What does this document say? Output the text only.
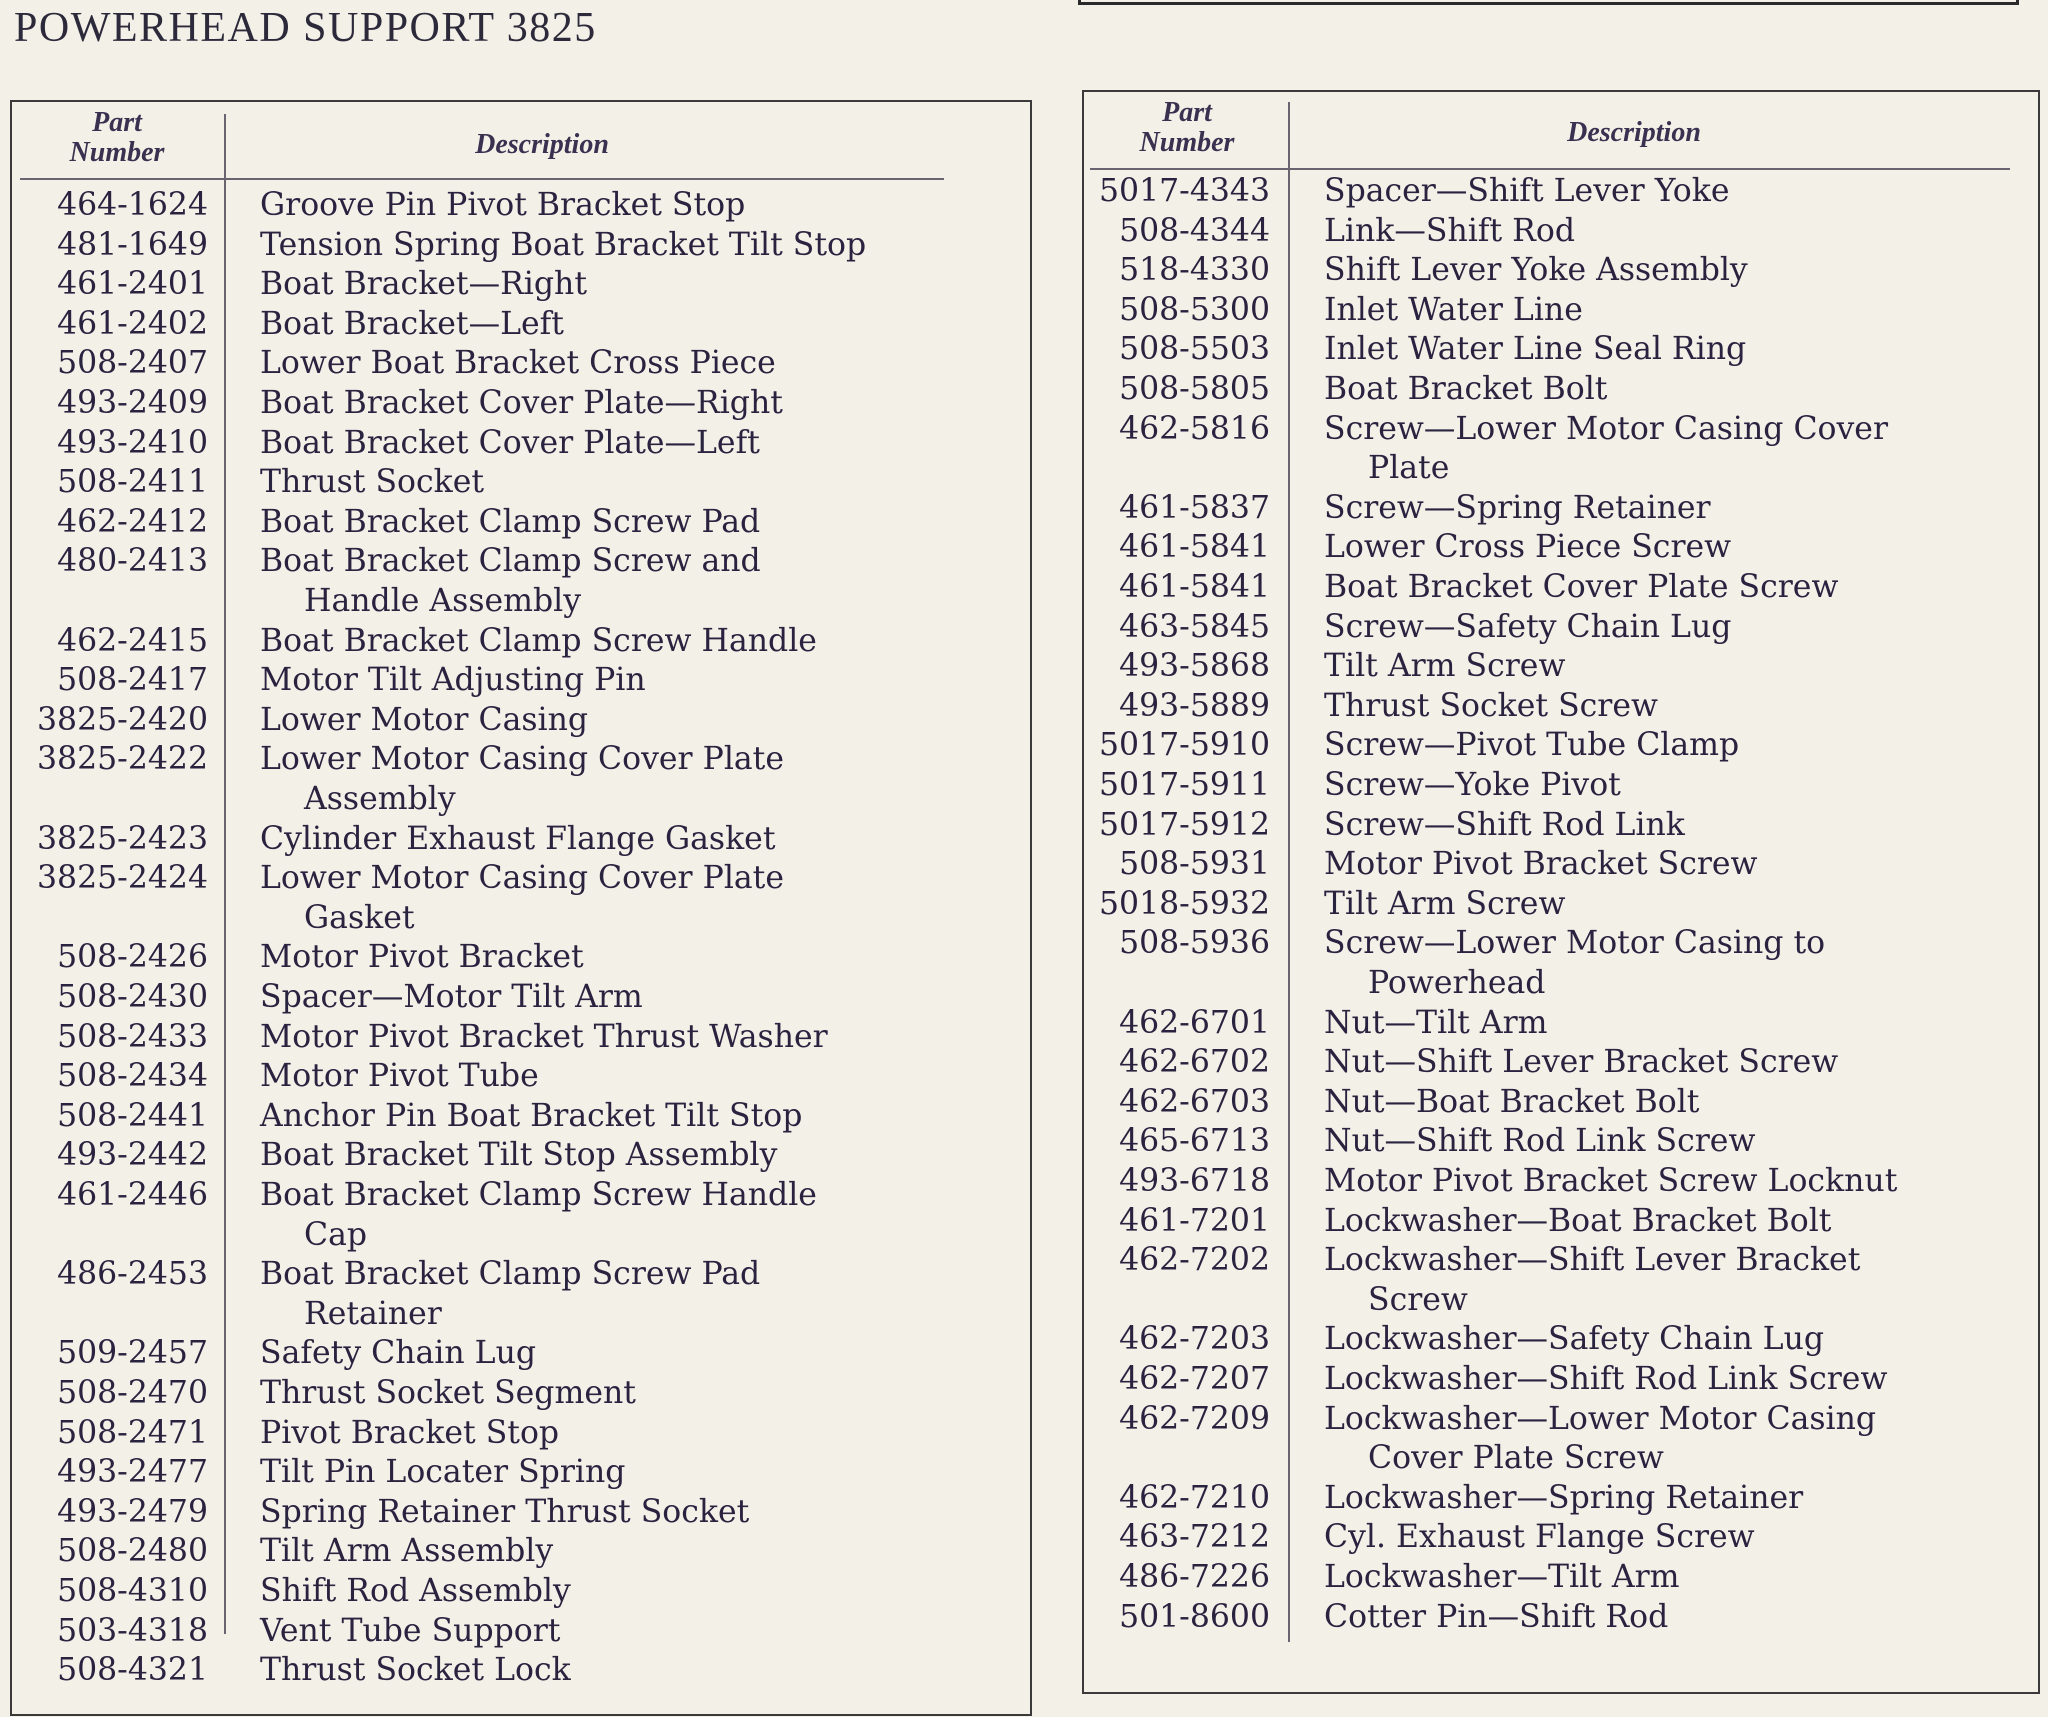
POWERHEAD SUPPORT 3825
Part
Number	Description
464-1624 Groove Pin Pivot Bracket Stop
481-1649 Tension Spring Boat Bracket Tilt Stop
461-2401 Boat Bracket—Right
461-2402 Boat Bracket—Left
508-2407 Lower Boat Bracket Cross Piece
493-2409 Boat Bracket Cover Plate—Right
493-2410 Boat Bracket Cover Plate—Left
508-2411 Thrust Socket
462-2412 Boat Bracket Clamp Screw Pad
480-2413 Boat Bracket Clamp Screw and
Handle Assembly
462-2415 Boat Bracket Clamp Screw Handle
508-2417 Motor Tilt Adjusting Pin
3825-2420 Lower Motor Casing
3825-2422 Lower Motor Casing Cover Plate
Assembly
3825-2423 Cylinder Exhaust Flange Gasket
3825-2424 Lower Motor Casing Cover Plate
Gasket
508-2426 Motor Pivot Bracket
508-2430 Spacer—Motor Tilt Arm
508-2433 Motor Pivot Bracket Thrust Washer
508-2434 Motor Pivot Tube
508-2441 Anchor Pin Boat Bracket Tilt Stop
493-2442 Boat Bracket Tilt Stop Assembly
461-2446 Boat Bracket Clamp Screw Handle
Cap
486-2453 Boat Bracket Clamp Screw Pad
Retainer
509-2457 Safety Chain Lug
508-2470 Thrust Socket Segment
508-2471 Pivot Bracket Stop
493-2477 Tilt Pin Locater Spring
493-2479 Spring Retainer Thrust Socket
508-2480 Tilt Arm Assembly
508-4310 Shift Rod Assembly
503-4318 Vent Tube Support
508-4321 Thrust Socket Lock
Part
Number	Description
5017-4343 Spacer—Shift Lever Yoke
508-4344 Link—Shift Rod
518-4330 Shift Lever Yoke Assembly
508-5300 Inlet Water Line
508-5503 Inlet Water Line Seal Ring
508-5805 Boat Bracket Bolt
462-5816 Screw—Lower Motor Casing Cover
Plate
461-5837 Screw—Spring Retainer
461-5841 Lower Cross Piece Screw
461-5841 Boat Bracket Cover Plate Screw
463-5845 Screw—Safety Chain Lug
493-5868 Tilt Arm Screw
493-5889 Thrust Socket Screw
5017-5910 Screw—Pivot Tube Clamp
5017-5911 Screw—Yoke Pivot
5017-5912 Screw—Shift Rod Link
508-5931 Motor Pivot Bracket Screw
5018-5932 Tilt Arm Screw
508-5936 Screw—Lower Motor Casing to
Powerhead
462-6701 Nut—Tilt Arm
462-6702 Nut—Shift Lever Bracket Screw
462-6703 Nut—Boat Bracket Bolt
465-6713 Nut—Shift Rod Link Screw
493-6718 Motor Pivot Bracket Screw Locknut
461-7201 Lockwasher—Boat Bracket Bolt
462-7202 Lockwasher—Shift Lever Bracket
Screw
462-7203 Lockwasher—Safety Chain Lug
462-7207 Lockwasher—Shift Rod Link Screw
462-7209 Lockwasher—Lower Motor Casing
Cover Plate Screw
462-7210 Lockwasher—Spring Retainer
463-7212 Cyl. Exhaust Flange Screw
486-7226 Lockwasher—Tilt Arm
501-8600 Cotter Pin—Shift Rod
